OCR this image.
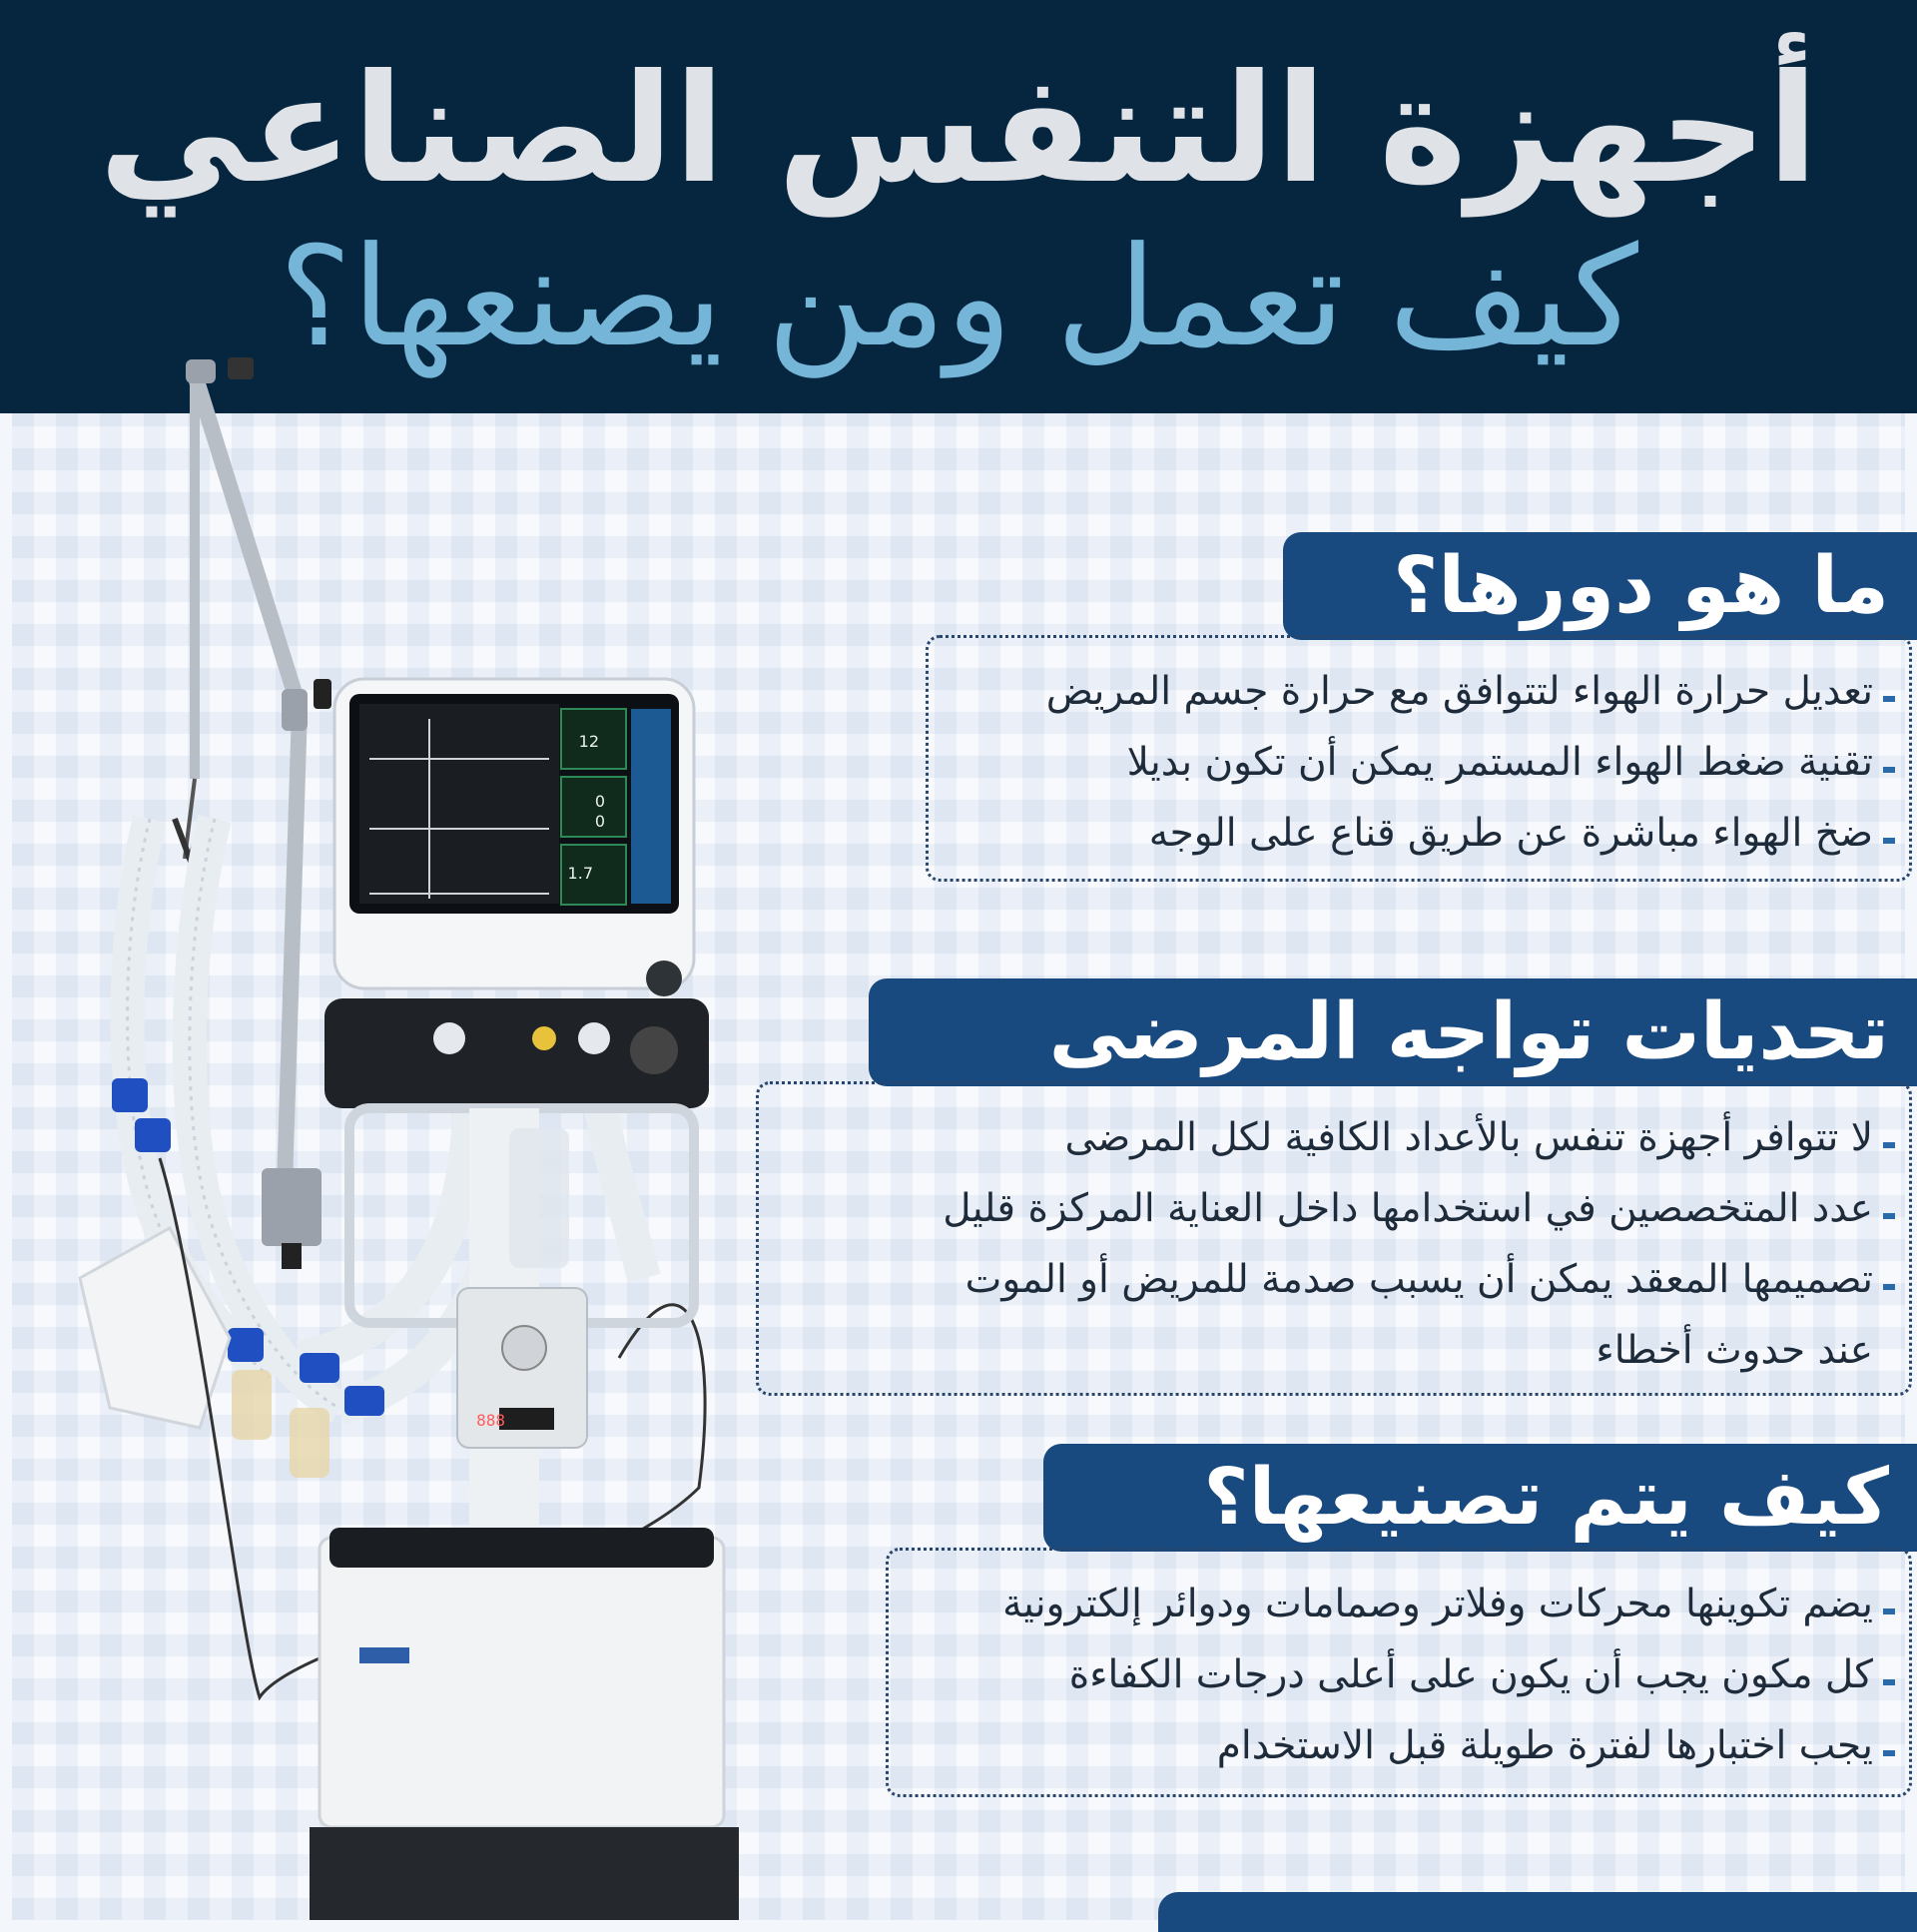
أجهزة التنفس الصناعي
كيف تعمل ومن يصنعها؟
12
0
0
1.7
888
ما هو دورها؟
تعديل حرارة الهواء لتتوافق مع حرارة جسم المريض
تقنية ضغط الهواء المستمر يمكن أن تكون بديلا
ضخ الهواء مباشرة عن طريق قناع على الوجه
تحديات تواجه المرضى
لا تتوافر أجهزة تنفس بالأعداد الكافية لكل المرضى
عدد المتخصصين في استخدامها داخل العناية المركزة قليل
تصميمها المعقد يمكن أن يسبب صدمة للمريض أو الموت
عند حدوث أخطاء
كيف يتم تصنيعها؟
يضم تكوينها محركات وفلاتر وصمامات ودوائر إلكترونية
كل مكون يجب أن يكون على أعلى درجات الكفاءة
يجب اختبارها لفترة طويلة قبل الاستخدام
